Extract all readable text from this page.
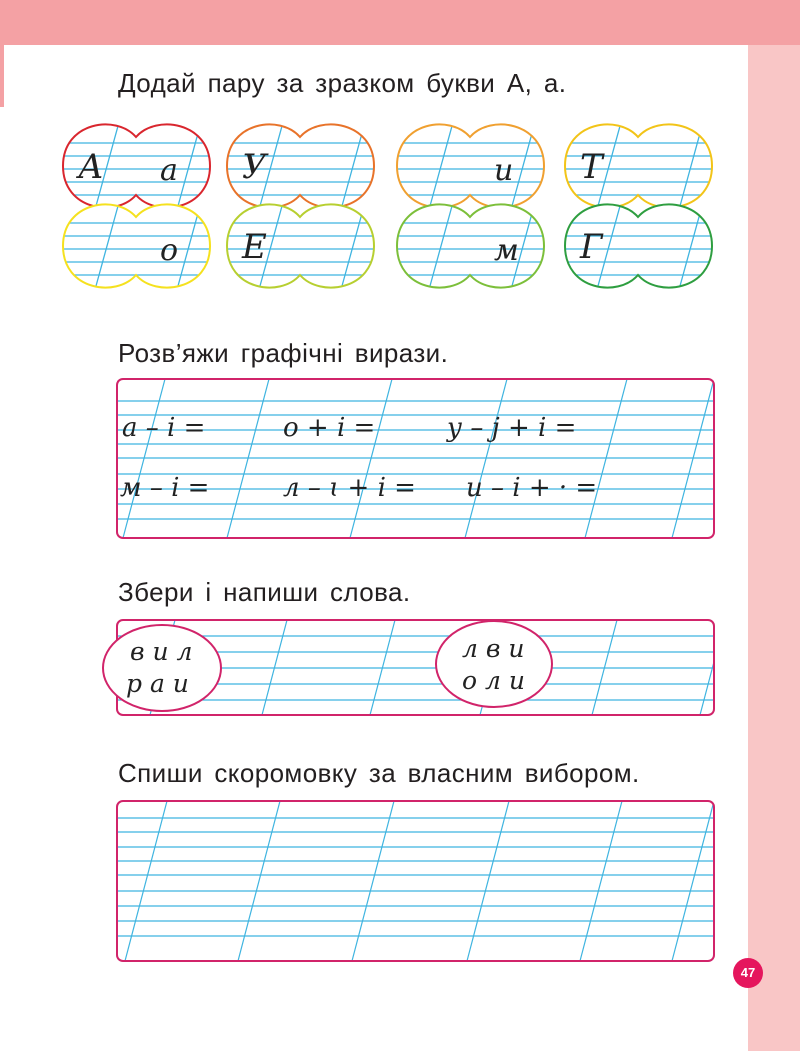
Додай пару за зразком букви А, а.
Розв’яжи графічні вирази.
Збери і напиши слова.
Спиши скоромовку за власним вибором.
А а У	и Т
о Е	м Г
а – і =	о + і =	у – ј + і =
м – і =	л – ɩ + і = и – і + · =
в и л
р а и
л в и
о л и
47
